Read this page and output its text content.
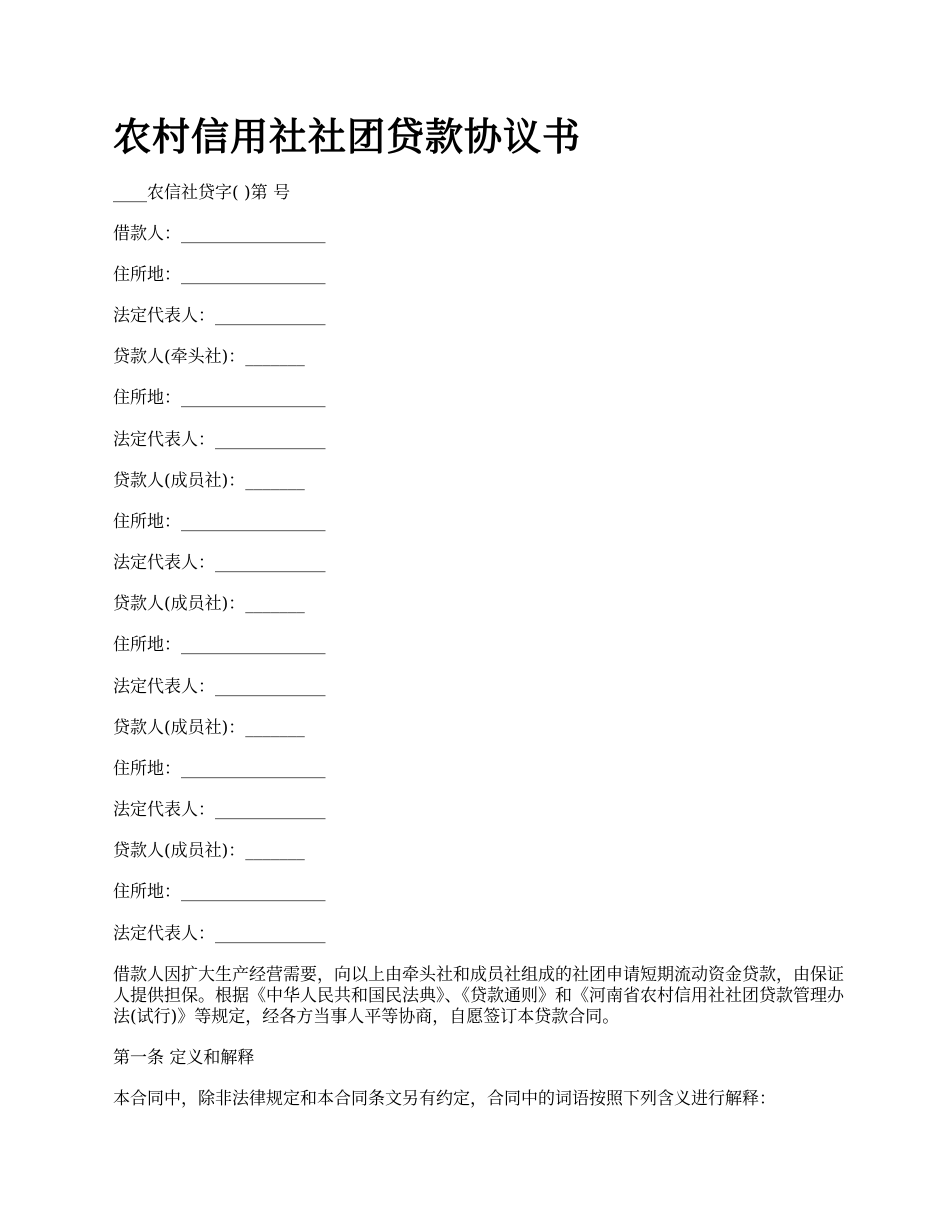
农村信用社社团贷款协议书
____农信社贷字( )第 号
借款人：_________________
住所地：_________________
法定代表人：_____________
贷款人(牵头社)：_______
住所地：_________________
法定代表人：_____________
贷款人(成员社)：_______
住所地：_________________
法定代表人：_____________
贷款人(成员社)：_______
住所地：_________________
法定代表人：_____________
贷款人(成员社)：_______
住所地：_________________
法定代表人：_____________
贷款人(成员社)：_______
住所地：_________________
法定代表人：_____________

借款人因扩大生产经营需要，向以上由牵头社和成员社组成的社团申请短期流动资金贷款，由保证人提供担保。根据《中华人民共和国民法典》、《贷款通则》和《河南省农村信用社社团贷款管理办法(试行)》等规定，经各方当事人平等协商，自愿签订本贷款合同。

第一条 定义和解释

本合同中，除非法律规定和本合同条文另有约定，合同中的词语按照下列含义进行解释：
